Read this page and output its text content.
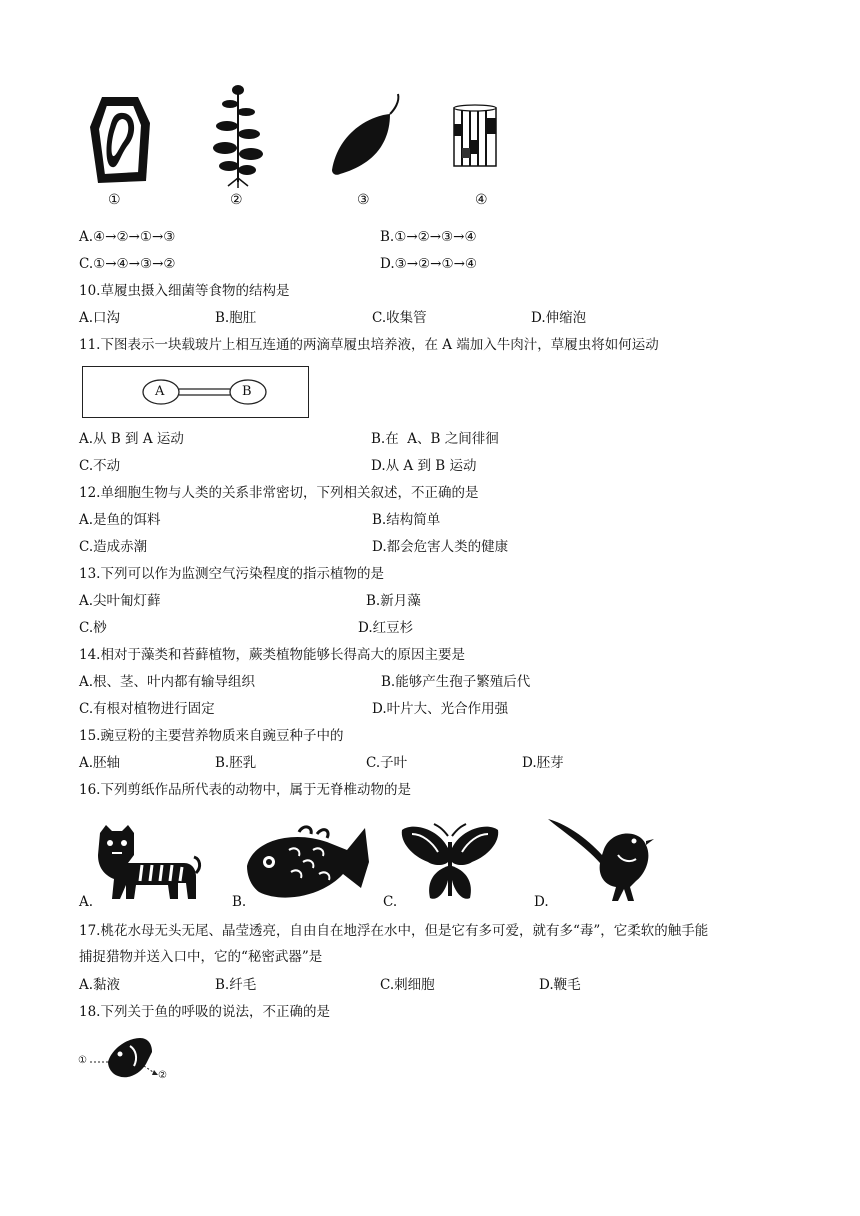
①	②	③	④
A.④→②→①→③	B.①→②→③→④
C.①→④→③→②	D.③→②→①→④
10.草履虫摄入细菌等食物的结构是
A.口沟	B.胞肛	C.收集管	D.伸缩泡
11.下图表示一块载玻片上相互连通的两滴草履虫培养液，在 A 端加入牛肉汁，草履虫将如何运动
A	B
A.从 B 到 A 运动	B.在  A、B 之间徘徊
C.不动	D.从 A 到 B 运动
12.单细胞生物与人类的关系非常密切，下列相关叙述，不正确的是
A.是鱼的饵料	B.结构简单
C.造成赤潮	D.都会危害人类的健康
13.下列可以作为监测空气污染程度的指示植物的是
A.尖叶匍灯藓	B.新月藻
C.桫	D.红豆杉
14.相对于藻类和苔藓植物，蕨类植物能够长得高大的原因主要是
A.根、茎、叶内都有输导组织	B.能够产生孢子繁殖后代
C.有根对植物进行固定	D.叶片大、光合作用强
15.豌豆粉的主要营养物质来自豌豆种子中的
A.胚轴	B.胚乳	C.子叶	D.胚芽
16.下列剪纸作品所代表的动物中，属于无脊椎动物的是
A.	B.	C.	D.
17.桃花水母无头无尾、晶莹透亮，自由自在地浮在水中，但是它有多可爱，就有多“毒”，它柔软的触手能
捕捉猎物并送入口中，它的“秘密武器”是
A.黏液	B.纤毛	C.刺细胞	D.鞭毛
18.下列关于鱼的呼吸的说法，不正确的是
①
②
